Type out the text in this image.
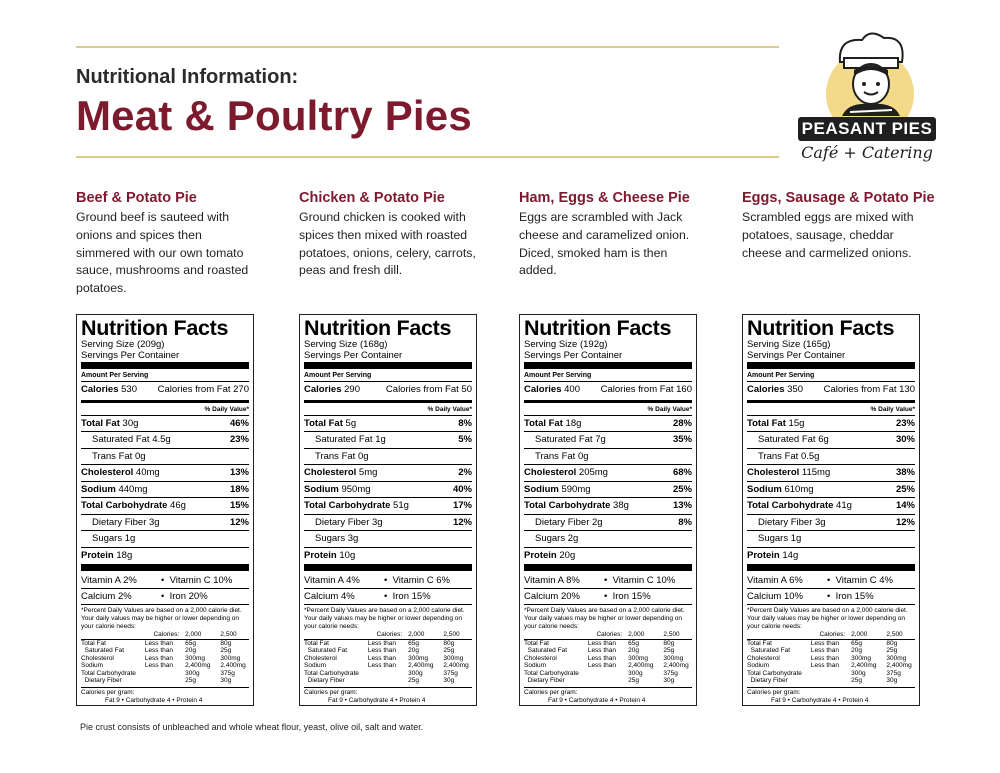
Nutritional Information:
Meat & Poultry Pies	PEASANT PIES
Café + Catering
Beef & Potato Pie

Ground beef is sauteed with onions and spices then simmered with our own tomato sauce, mushrooms and roasted potatoes.

Chicken & Potato Pie

Ground chicken is cooked with spices then mixed with roasted potatoes, onions, celery, carrots, peas and fresh dill.

Ham, Eggs & Cheese Pie

Eggs are scrambled with Jack cheese and caramelized onion. Diced, smoked ham is then added.

Eggs, Sausage & Potato Pie

Scrambled eggs are mixed with potatoes, sausage, cheddar cheese and carmelized onions.

Nutrition Facts
Serving Size (209g)
Servings Per Container
Amount Per Serving
Calories 530 Calories from Fat 270
% Daily Value*
Total Fat 30g	46%
Saturated Fat 4.5g	23%
Trans Fat 0g
Cholesterol 40mg	13%
Sodium 440mg	18%
Total Carbohydrate 46g	15%
Dietary Fiber 3g	12%
Sugars 1g
Protein 18g
Vitamin A 2%	•  Vitamin C 10%
Calcium 2%	•  Iron 20%
*Percent Daily Values are based on a 2,000 calorie diet. Your daily values may be higher or lower depending on your calorie needs:
	Calories:	2,000	2,500
Total Fat	Less than	65g	80g
Saturated Fat	Less than	20g	25g
Cholesterol	Less than	300mg	300mg
Sodium	Less than	2,400mg	2,400mg
Total Carbohydrate		300g	375g
Dietary Fiber		25g	30g
Calories per gram:
Fat 9 • Carbohydrate 4 • Protein 4
Nutrition Facts
Serving Size (168g)
Servings Per Container
Amount Per Serving
Calories 290	Calories from Fat 50
% Daily Value*
Total Fat 5g	8%
Saturated Fat 1g	5%
Trans Fat 0g
Cholesterol 5mg	2%
Sodium 950mg	40%
Total Carbohydrate 51g	17%
Dietary Fiber 3g	12%
Sugars 3g
Protein 10g
Vitamin A 4%	•  Vitamin C 6%
Calcium 4%	•  Iron 15%
*Percent Daily Values are based on a 2,000 calorie diet. Your daily values may be higher or lower depending on your calorie needs:
	Calories:	2,000	2,500
Total Fat	Less than	65g	80g
Saturated Fat	Less than	20g	25g
Cholesterol	Less than	300mg	300mg
Sodium	Less than	2,400mg	2,400mg
Total Carbohydrate		300g	375g
Dietary Fiber		25g	30g
Calories per gram:
Fat 9 • Carbohydrate 4 • Protein 4
Nutrition Facts
Serving Size (192g)
Servings Per Container
Amount Per Serving
Calories 400 Calories from Fat 160
% Daily Value*
Total Fat 18g	28%
Saturated Fat 7g	35%
Trans Fat 0g
Cholesterol 205mg	68%
Sodium 590mg	25%
Total Carbohydrate 38g	13%
Dietary Fiber 2g	8%
Sugars 2g
Protein 20g
Vitamin A 8%	•  Vitamin C 10%
Calcium 20%	•  Iron 15%
*Percent Daily Values are based on a 2,000 calorie diet. Your daily values may be higher or lower depending on your calorie needs:
	Calories:	2,000	2,500
Total Fat	Less than	65g	80g
Saturated Fat	Less than	20g	25g
Cholesterol	Less than	300mg	300mg
Sodium	Less than	2,400mg	2,400mg
Total Carbohydrate		300g	375g
Dietary Fiber		25g	30g
Calories per gram:
Fat 9 • Carbohydrate 4 • Protein 4
Nutrition Facts
Serving Size (165g)
Servings Per Container
Amount Per Serving
Calories 350 Calories from Fat 130
% Daily Value*
Total Fat 15g	23%
Saturated Fat 6g	30%
Trans Fat 0.5g
Cholesterol 115mg	38%
Sodium 610mg	25%
Total Carbohydrate 41g	14%
Dietary Fiber 3g	12%
Sugars 1g
Protein 14g
Vitamin A 6%	•  Vitamin C 4%
Calcium 10%	•  Iron 15%
*Percent Daily Values are based on a 2,000 calorie diet. Your daily values may be higher or lower depending on your calorie needs:
	Calories:	2,000	2,500
Total Fat	Less than	65g	80g
Saturated Fat	Less than	20g	25g
Cholesterol	Less than	300mg	300mg
Sodium	Less than	2,400mg	2,400mg
Total Carbohydrate		300g	375g
Dietary Fiber		25g	30g
Calories per gram:
Fat 9 • Carbohydrate 4 • Protein 4
Pie crust consists of unbleached and whole wheat flour, yeast, olive oil, salt and water.
